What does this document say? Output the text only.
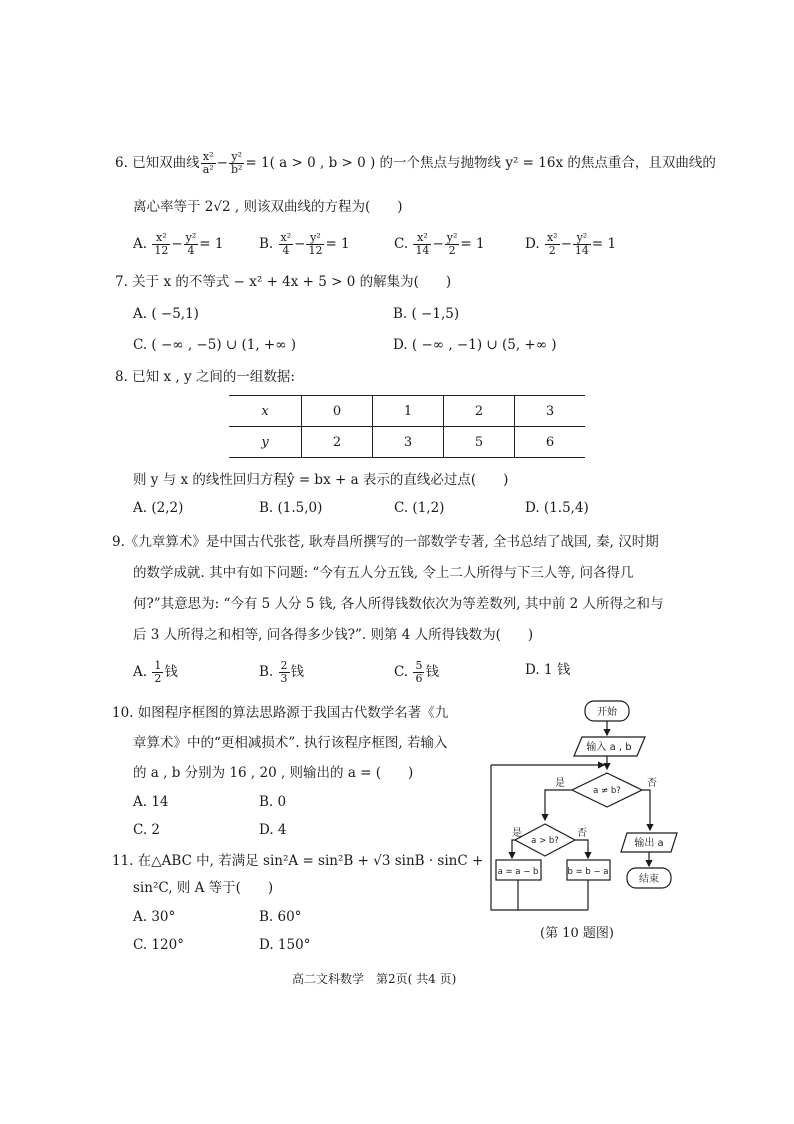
6. 已知双曲线 $\frac{\text{x²}}{\text{a²}} - \frac{\text{y²}}{\text{b²}} = 1$( a > 0 , b > 0 ) 的一个焦点与抛物线 y² = 16x 的焦点重合，且双曲线的
离心率等于 2√2 , 则该双曲线的方程为(　　)
A. $\frac{\text{x²}}{12} - \frac{\text{y²}}{4} = 1$	B. $\frac{\text{x²}}{4} - \frac{\text{y²}}{12} = 1$	C. $\frac{\text{x²}}{14} - \frac{\text{y²}}{2} = 1$	D. $\frac{\text{x²}}{2} - \frac{\text{y²}}{14} = 1$
7. 关于 x 的不等式 − x² + 4x + 5 > 0 的解集为(　　)
A. ( −5,1)	B. ( −1,5)
C. ( −∞ , −5) ∪ (1, +∞ )	D. ( −∞ , −1) ∪ (5, +∞ )
8. 已知 x , y 之间的一组数据:
x	0	1	2	3
y	2	3	5	6
则 y 与 x 的线性回归方程ŷ = bx + a 表示的直线必过点(　　)
A. (2,2)	B. (1.5,0)	C. (1,2)	D. (1.5,4)
9.《九章算术》是中国古代张苍, 耿寿昌所撰写的一部数学专著, 全书总结了战国, 秦, 汉时期
的数学成就. 其中有如下问题: “今有五人分五钱, 令上二人所得与下三人等, 问各得几
何?”其意思为: “今有 5 人分 5 钱, 各人所得钱数依次为等差数列, 其中前 2 人所得之和与
后 3 人所得之和相等, 问各得多少钱?”. 则第 4 人所得钱数为(　　)
A. $\frac{1}{2}$ 钱	B. $\frac{2}{3}$ 钱	C. $\frac{5}{6}$ 钱	D. 1 钱
10. 如图程序框图的算法思路源于我国古代数学名著《九
章算术》中的“更相减损术”. 执行该程序框图, 若输入
的 a , b 分别为 16 , 20 , 则输出的 a = (　　)
A. 14	B. 0
C. 2	D. 4
11. 在△ABC 中, 若满足 sin²A = sin²B + √3 sinB · sinC +
sin²C, 则 A 等于(　　)
A. 30°	B. 60°
C. 120°	D. 150°
开始
输入 a , b
a ≠ b?
是	否
a > b?
是	否
a = a − b	b = b − a
输出 a
结束
(第 10 题图)
高二文科数学　第2页( 共4 页)
